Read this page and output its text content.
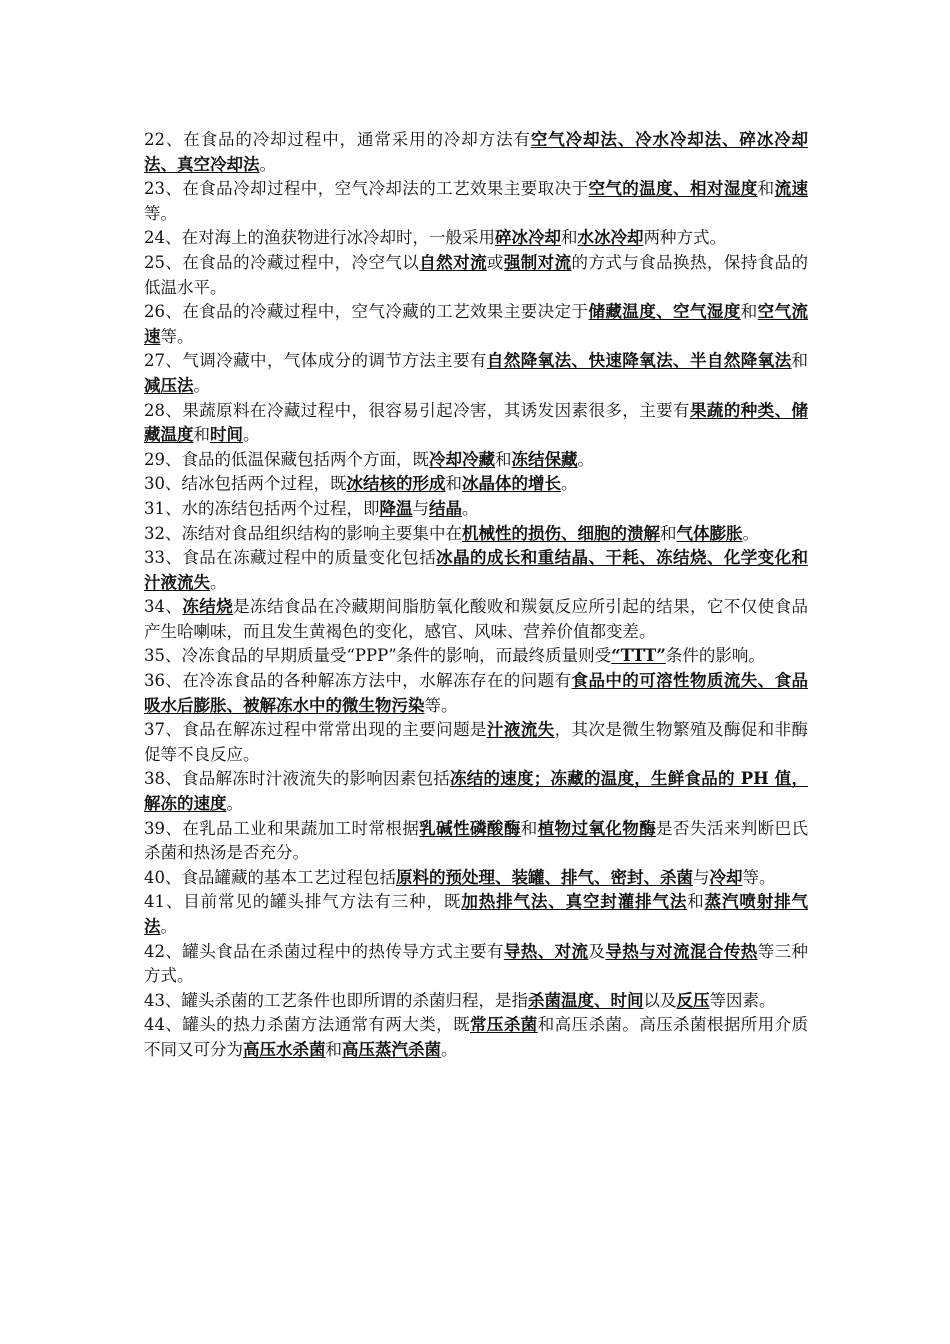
22、在食品的冷却过程中，通常采用的冷却方法有空气冷却法、冷水冷却法、碎冰冷却法、真空冷却法。

23、在食品冷却过程中，空气冷却法的工艺效果主要取决于空气的温度、相对湿度和流速等。

24、在对海上的渔获物进行冰冷却时，一般采用碎冰冷却和水冰冷却两种方式。

25、在食品的冷藏过程中，冷空气以自然对流或强制对流的方式与食品换热，保持食品的低温水平。

26、在食品的冷藏过程中，空气冷藏的工艺效果主要决定于储藏温度、空气湿度和空气流速等。

27、气调冷藏中，气体成分的调节方法主要有自然降氧法、快速降氧法、半自然降氧法和减压法。

28、果蔬原料在冷藏过程中，很容易引起冷害，其诱发因素很多，主要有果蔬的种类、储藏温度和时间。

29、食品的低温保藏包括两个方面，既冷却冷藏和冻结保藏。

30、结冰包括两个过程，既冰结核的形成和冰晶体的增长。

31、水的冻结包括两个过程，即降温与结晶。

32、冻结对食品组织结构的影响主要集中在机械性的损伤、细胞的溃解和气体膨胀。

33、食品在冻藏过程中的质量变化包括冰晶的成长和重结晶、干耗、冻结烧、化学变化和汁液流失。

34、冻结烧是冻结食品在冷藏期间脂肪氧化酸败和羰氨反应所引起的结果，它不仅使食品产生哈喇味，而且发生黄褐色的变化，感官、风味、营养价值都变差。

35、冷冻食品的早期质量受“PPP”条件的影响，而最终质量则受“TTT”条件的影响。

36、在冷冻食品的各种解冻方法中，水解冻存在的问题有食品中的可溶性物质流失、食品吸水后膨胀、被解冻水中的微生物污染等。

37、食品在解冻过程中常常出现的主要问题是汁液流失，其次是微生物繁殖及酶促和非酶促等不良反应。

38、食品解冻时汁液流失的影响因素包括冻结的速度；冻藏的温度，生鲜食品的 PH 值，解冻的速度。

39、在乳品工业和果蔬加工时常根据乳碱性磷酸酶和植物过氧化物酶是否失活来判断巴氏杀菌和热汤是否充分。

40、食品罐藏的基本工艺过程包括原料的预处理、装罐、排气、密封、杀菌与冷却等。

41、目前常见的罐头排气方法有三种，既加热排气法、真空封灌排气法和蒸汽喷射排气法。

42、罐头食品在杀菌过程中的热传导方式主要有导热、对流及导热与对流混合传热等三种方式。

43、罐头杀菌的工艺条件也即所谓的杀菌归程，是指杀菌温度、时间以及反压等因素。

44、罐头的热力杀菌方法通常有两大类，既常压杀菌和高压杀菌。高压杀菌根据所用介质不同又可分为高压水杀菌和高压蒸汽杀菌。
